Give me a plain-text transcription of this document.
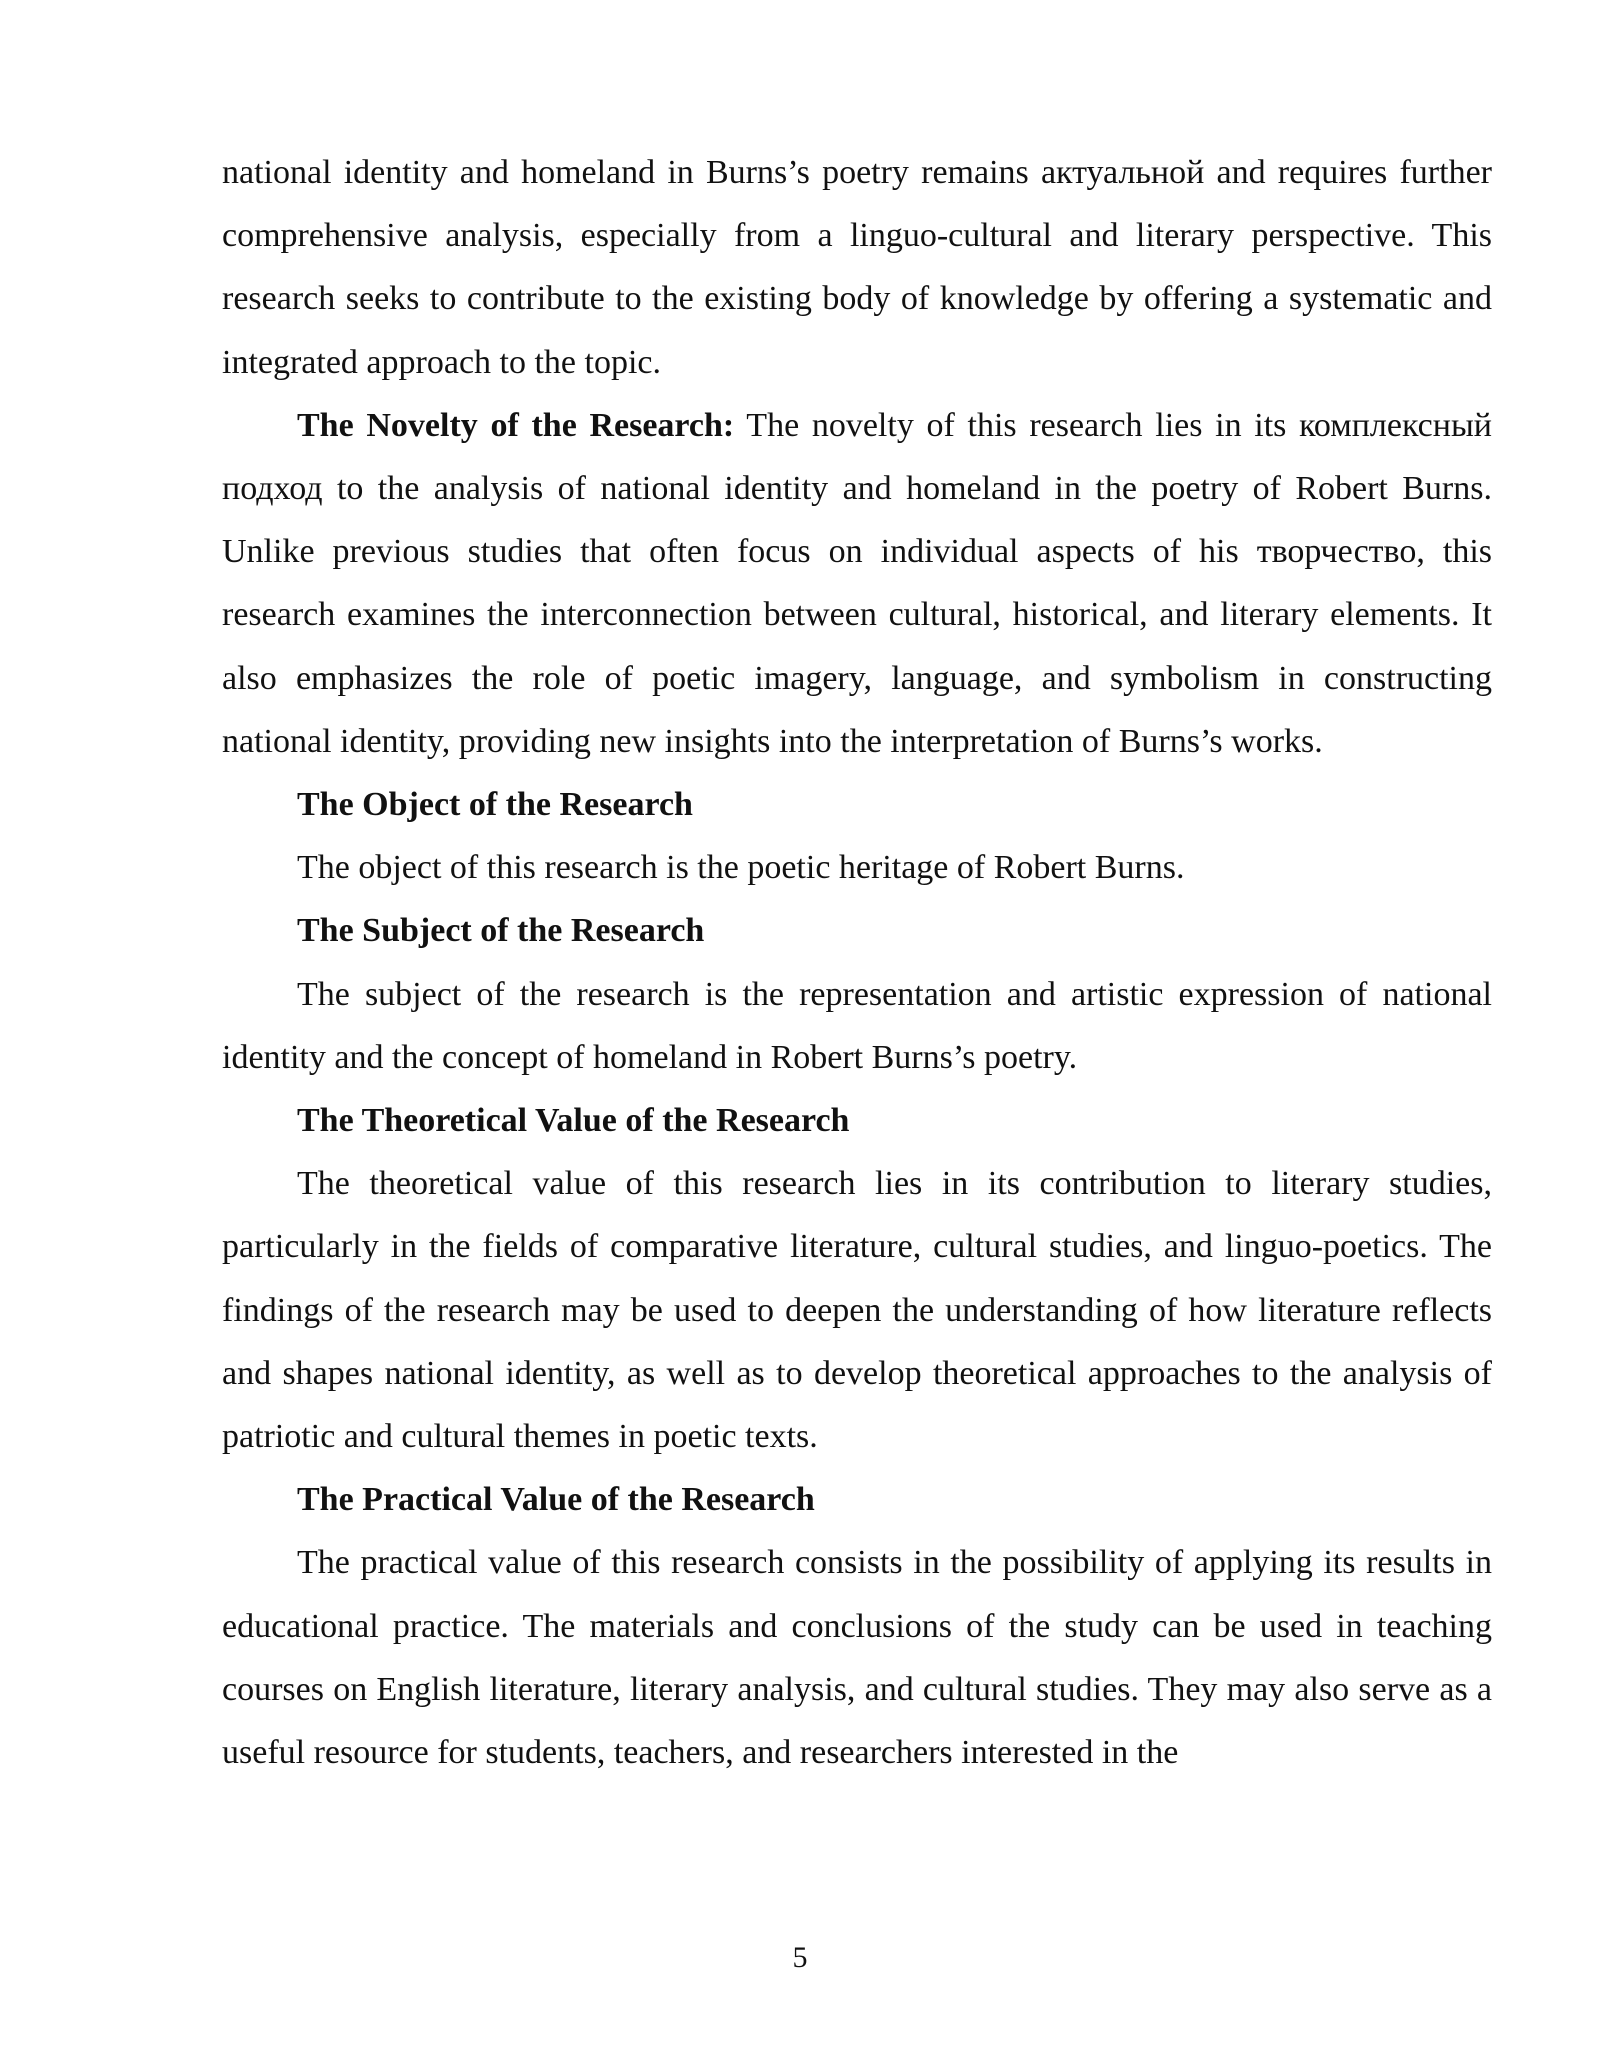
national identity and homeland in Burns’s poetry remains актуальной and requires further comprehensive analysis, especially from a linguo-cultural and literary perspective. This research seeks to contribute to the existing body of knowledge by offering a systematic and integrated approach to the topic.

The Novelty of the Research: The novelty of this research lies in its комплексный подход to the analysis of national identity and homeland in the poetry of Robert Burns. Unlike previous studies that often focus on individual aspects of his творчество, this research examines the interconnection between cultural, historical, and literary elements. It also emphasizes the role of poetic imagery, language, and symbolism in constructing national identity, providing new insights into the interpretation of Burns’s works.

The Object of the Research

The object of this research is the poetic heritage of Robert Burns.

The Subject of the Research

The subject of the research is the representation and artistic expression of national identity and the concept of homeland in Robert Burns’s poetry.

The Theoretical Value of the Research

The theoretical value of this research lies in its contribution to literary studies, particularly in the fields of comparative literature, cultural studies, and linguo-poetics. The findings of the research may be used to deepen the understanding of how literature reflects and shapes national identity, as well as to develop theoretical approaches to the analysis of patriotic and cultural themes in poetic texts.

The Practical Value of the Research

The practical value of this research consists in the possibility of applying its results in educational practice. The materials and conclusions of the study can be used in teaching courses on English literature, literary analysis, and cultural studies. They may also serve as a useful resource for students, teachers, and researchers interested in the

5
